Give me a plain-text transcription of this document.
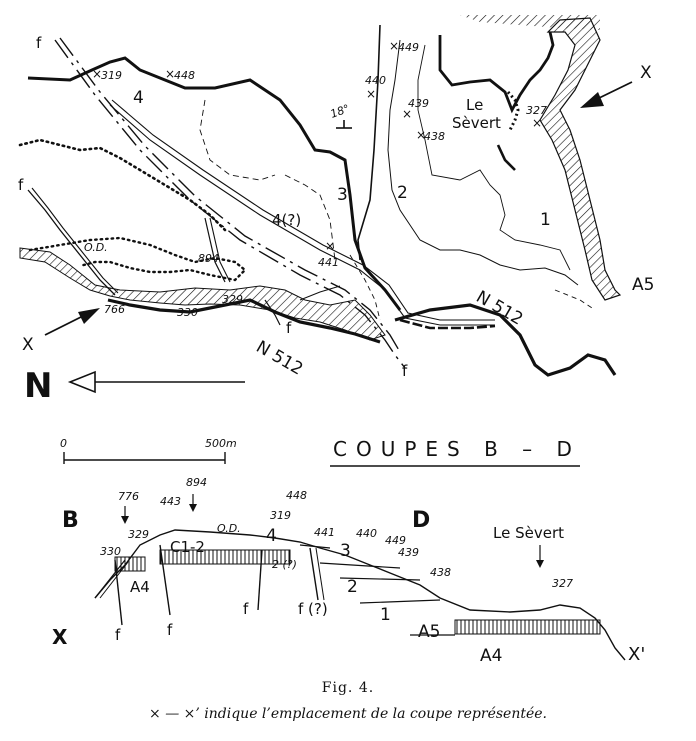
×	×
×
×
×
×
×
×
319	448
449
440
439
438
327
441
766	330
329
4
3	2
1
4(?)
Le Sèvert
18°
O.D.
894
N 512
N 512
A5
f
f
f
f
X
X
N
0	500m	COUPES B – D
B	D	Le Sèvert
X
X'
776
894
448
329
443
319
441 440
449
439
438
327
330	C1-2
O.D.
A4
4
3
2
2 (?)
1
A5
A4
f	f
f	f (?)
Fig. 4.
× — ×’ indique l’emplacement de la coupe représentée.
